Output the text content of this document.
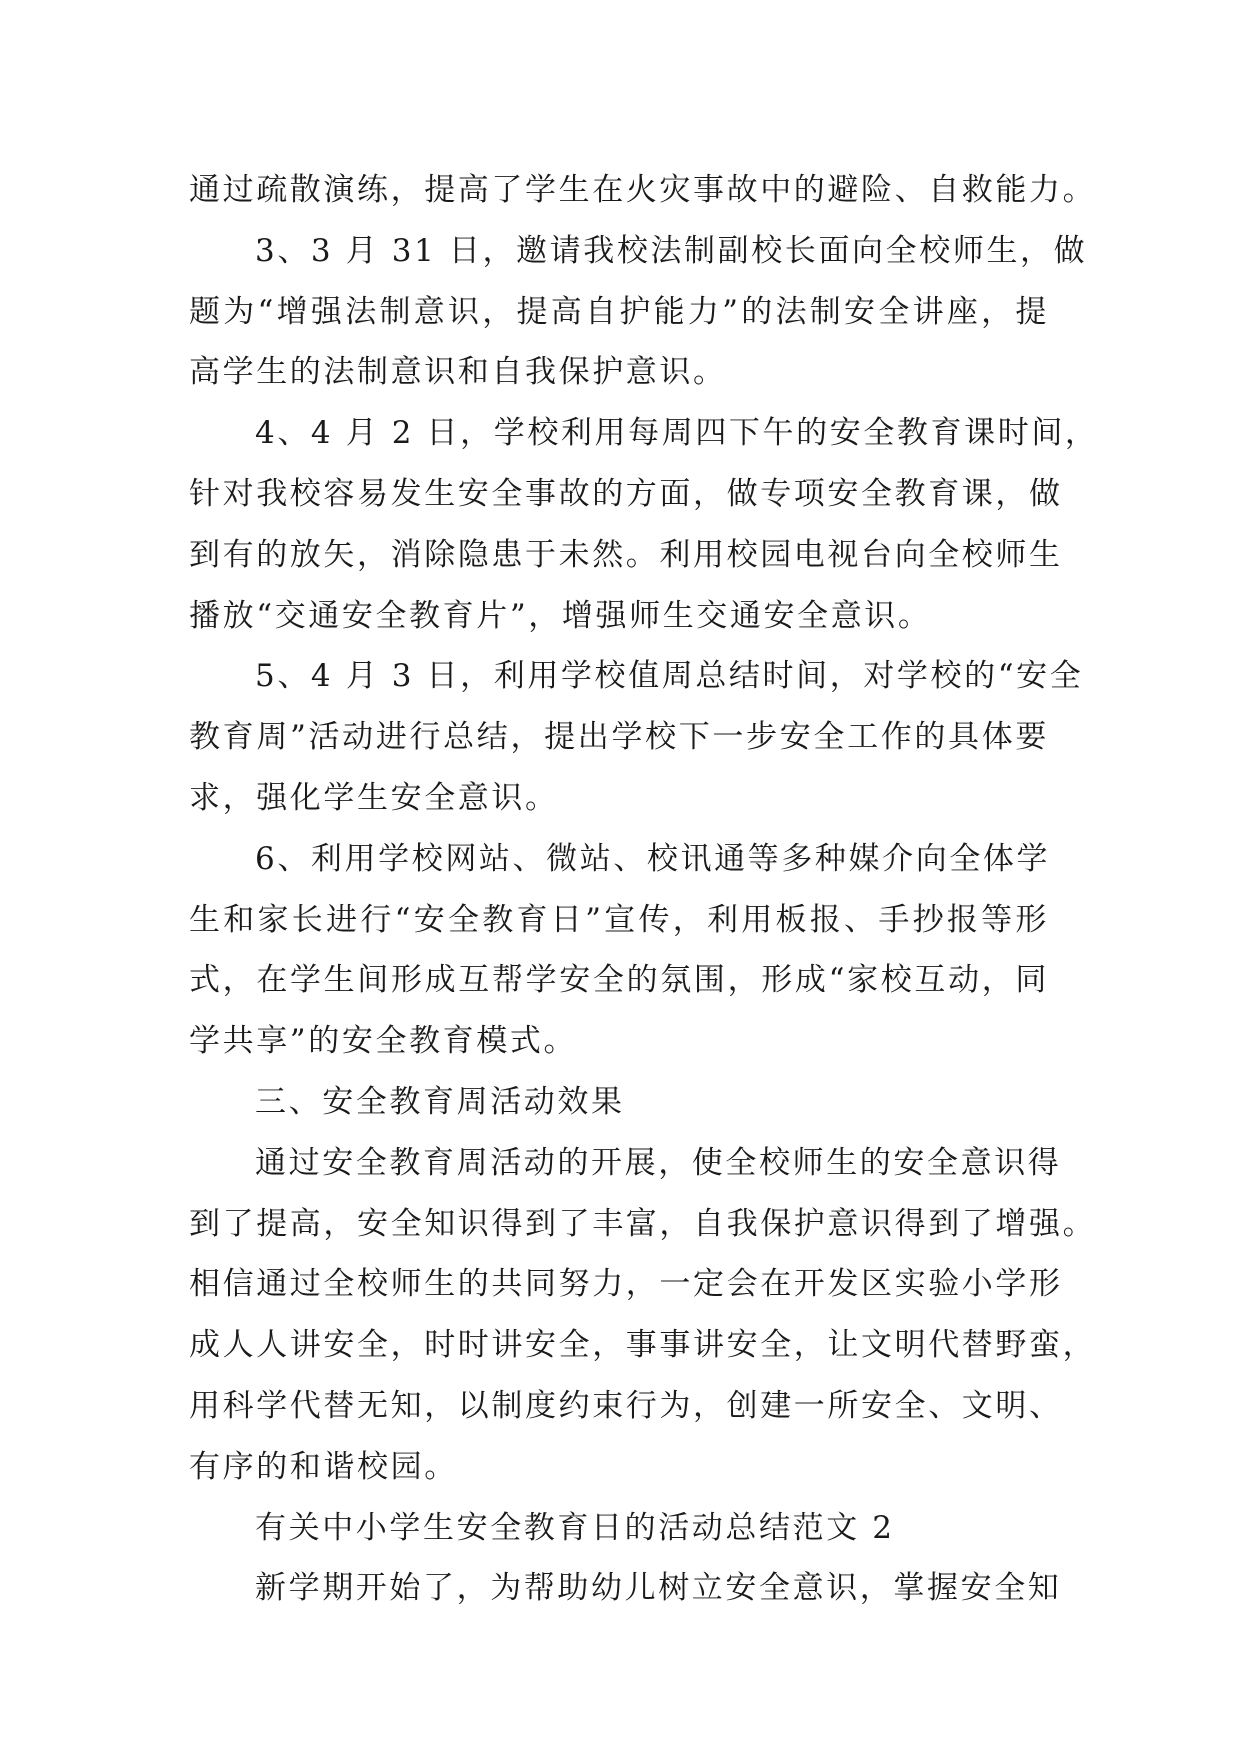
通过疏散演练，提高了学生在火灾事故中的避险、自救能力。
3、3 月 31 日，邀请我校法制副校长面向全校师生，做
题为“增强法制意识，提高自护能力”的法制安全讲座，提
高学生的法制意识和自我保护意识。
4、4 月 2 日，学校利用每周四下午的安全教育课时间，
针对我校容易发生安全事故的方面，做专项安全教育课，做
到有的放矢，消除隐患于未然。利用校园电视台向全校师生
播放“交通安全教育片”，增强师生交通安全意识。
5、4 月 3 日，利用学校值周总结时间，对学校的“安全
教育周”活动进行总结，提出学校下一步安全工作的具体要
求，强化学生安全意识。
6、利用学校网站、微站、校讯通等多种媒介向全体学
生和家长进行“安全教育日”宣传，利用板报、手抄报等形
式，在学生间形成互帮学安全的氛围，形成“家校互动，同
学共享”的安全教育模式。
三、安全教育周活动效果
通过安全教育周活动的开展，使全校师生的安全意识得
到了提高，安全知识得到了丰富，自我保护意识得到了增强。
相信通过全校师生的共同努力，一定会在开发区实验小学形
成人人讲安全，时时讲安全，事事讲安全，让文明代替野蛮，
用科学代替无知，以制度约束行为，创建一所安全、文明、
有序的和谐校园。
有关中小学生安全教育日的活动总结范文 2
新学期开始了，为帮助幼儿树立安全意识，掌握安全知
